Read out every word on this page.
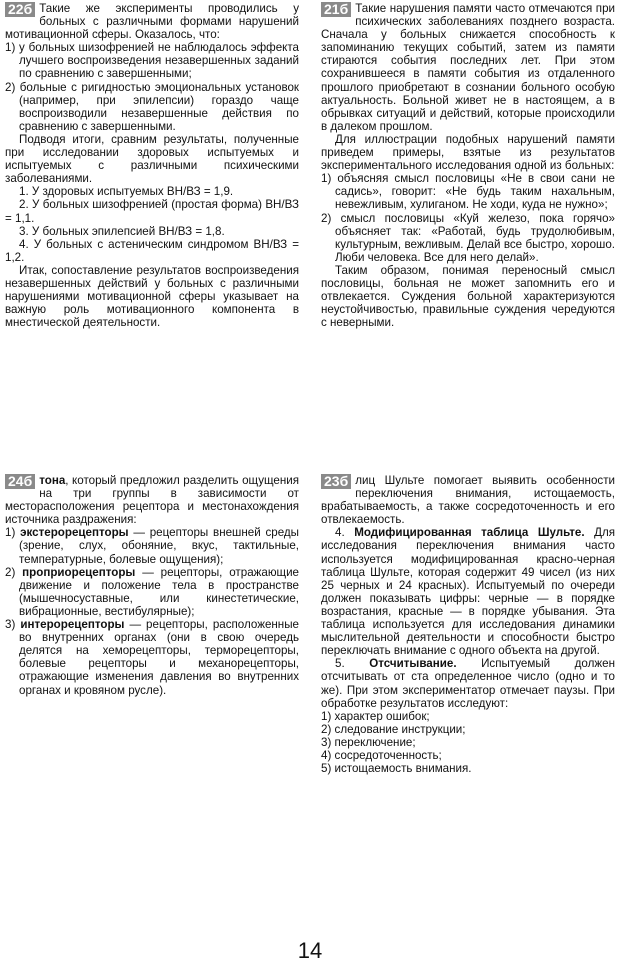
22б Такие же эксперименты проводились у больных с различными формами нарушений мотивационной сферы. Оказалось, что:

1) у больных шизофренией не наблюдалось эффекта лучшего воспроизведения незавершенных заданий по сравнению с завершенными;

2) больные с ригидностью эмоциональных установок (например, при эпилепсии) гораздо чаще воспроизводили незавершенные действия по сравнению с завершенными.

Подводя итоги, сравним результаты, полученные при исследовании здоровых испытуемых и испытуемых с различными психическими заболеваниями.

1. У здоровых испытуемых ВН/ВЗ = 1,9.

2. У больных шизофренией (простая форма) ВН/ВЗ = 1,1.

3. У больных эпилепсией ВН/ВЗ = 1,8.

4. У больных с астеническим синдромом ВН/ВЗ = 1,2.

Итак, сопоставление результатов воспроизведения незавершенных действий у больных с различными нарушениями мотивационной сферы указывает на важную роль мотивационного компонента в мнестической деятельности.

21б Такие нарушения памяти часто отмечаются при психических заболеваниях позднего возраста. Сначала у больных снижается способность к запоминанию текущих событий, затем из памяти стираются события последних лет. При этом сохранившееся в памяти события из отдаленного прошлого приобретают в сознании больного особую актуальность. Больной живет не в настоящем, а в обрывках ситуаций и действий, которые происходили в далеком прошлом.

Для иллюстрации подобных нарушений памяти приведем примеры, взятые из результатов экспериментального исследования одной из больных:

1) объясняя смысл пословицы «Не в свои сани не садись», говорит: «Не будь таким нахальным, невежливым, хулиганом. Не ходи, куда не нужно»;

2) смысл пословицы «Куй железо, пока горячо» объясняет так: «Работай, будь трудолюбивым, культурным, вежливым. Делай все быстро, хорошо. Люби человека. Все для него делай».

Таким образом, понимая переносный смысл пословицы, больная не может запомнить его и отвлекается. Суждения больной характеризуются неустойчивостью, правильные суждения чередуются с неверными.

24б тона, который предложил разделить ощущения на три группы в зависимости от месторасположения рецептора и местонахождения источника раздражения:

1) экстерорецепторы — рецепторы внешней среды (зрение, слух, обоняние, вкус, тактильные, температурные, болевые ощущения);

2) проприорецепторы — рецепторы, отражающие движение и положение тела в пространстве (мышечносуставные, или кинестетические, вибрационные, вестибулярные);

3) интерорецепторы — рецепторы, расположенные во внутренних органах (они в свою очередь делятся на хеморецепторы, терморецепторы, болевые рецепторы и механорецепторы, отражающие изменения давления во внутренних органах и кровяном русле).

23б лиц Шульте помогает выявить особенности переключения внимания, истощаемость, врабатываемость, а также сосредоточенность и его отвлекаемость.

4. Модифицированная таблица Шульте. Для исследования переключения внимания часто используется модифицированная красно-черная таблица Шульте, которая содержит 49 чисел (из них 25 черных и 24 красных). Испытуемый по очереди должен показывать цифры: черные — в порядке возрастания, красные — в порядке убывания. Эта таблица используется для исследования динамики мыслительной деятельности и способности быстро переключать внимание с одного объекта на другой.

5. Отсчитывание. Испытуемый должен отсчитывать от ста определенное число (одно и то же). При этом экспериментатор отмечает паузы. При обработке результатов исследуют:

1) характер ошибок;

2) следование инструкции;

3) переключение;

4) сосредоточенность;

5) истощаемость внимания.

14
